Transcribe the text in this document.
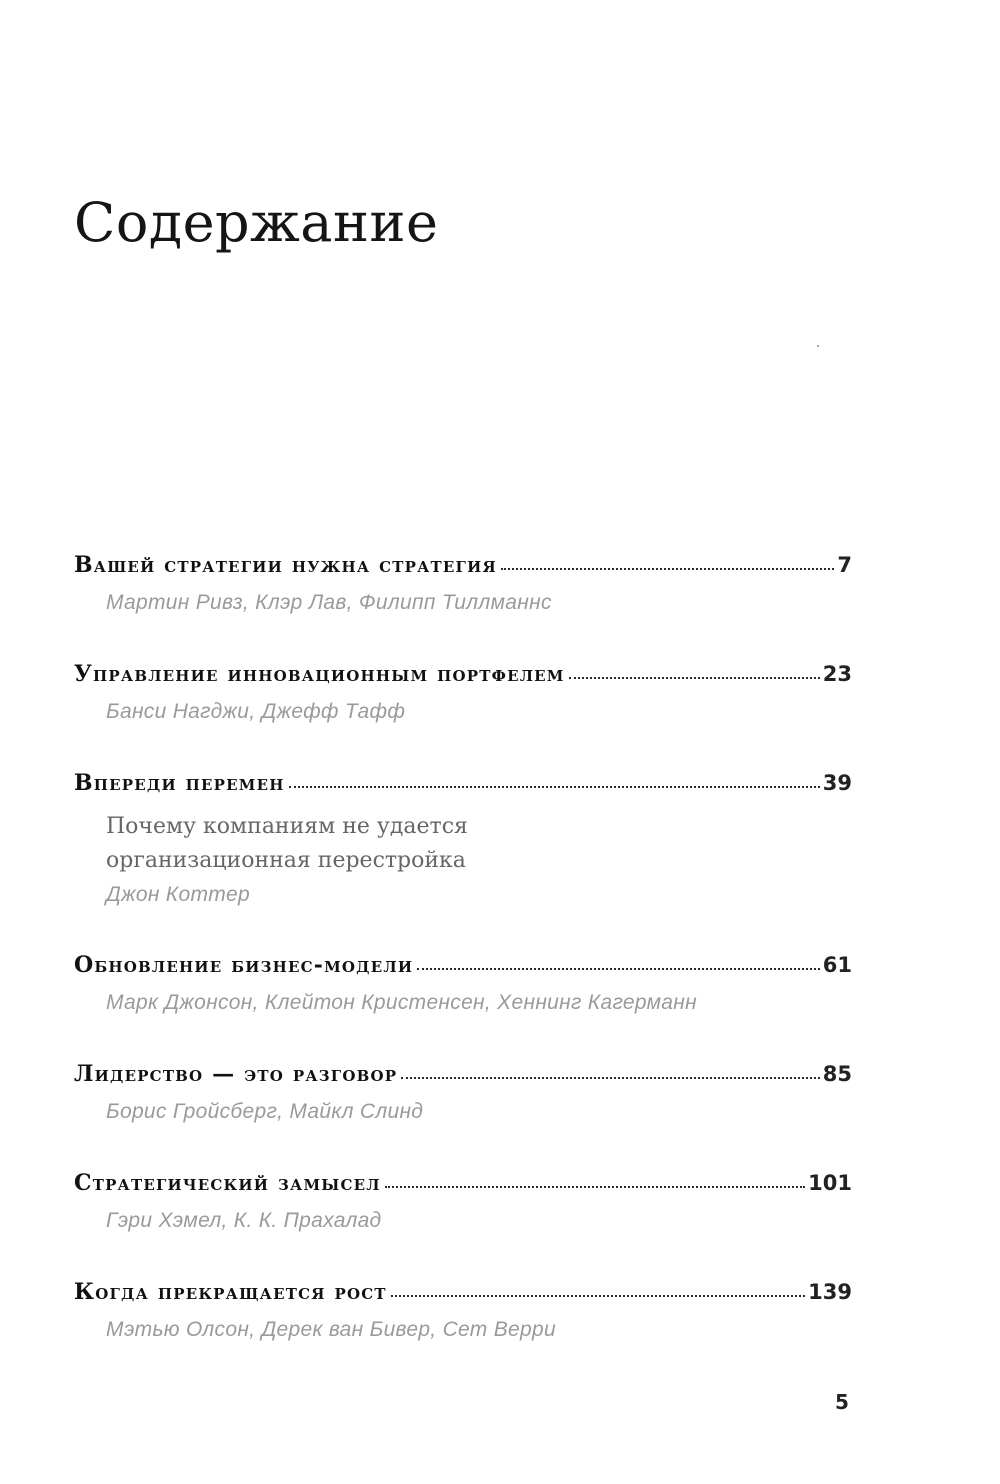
Содержание
Вашей стратегии нужна стратегия	7
Мартин Ривз, Клэр Лав, Филипп Тиллманнс
Управление инновационным портфелем	23
Банси Нагджи, Джефф Тафф
Впереди перемен	39
Почему компаниям не удается организационная перестройка
Джон Коттер
Обновление бизнес-модели	61
Марк Джонсон, Клейтон Кристенсен, Хеннинг Кагерманн
Лидерство — это разговор	85
Борис Гройсберг, Майкл Слинд
Стратегический замысел	101
Гэри Хэмел, К. К. Прахалад
Когда прекращается рост	139
Мэтью Олсон, Дерек ван Бивер, Сет Верри
5
